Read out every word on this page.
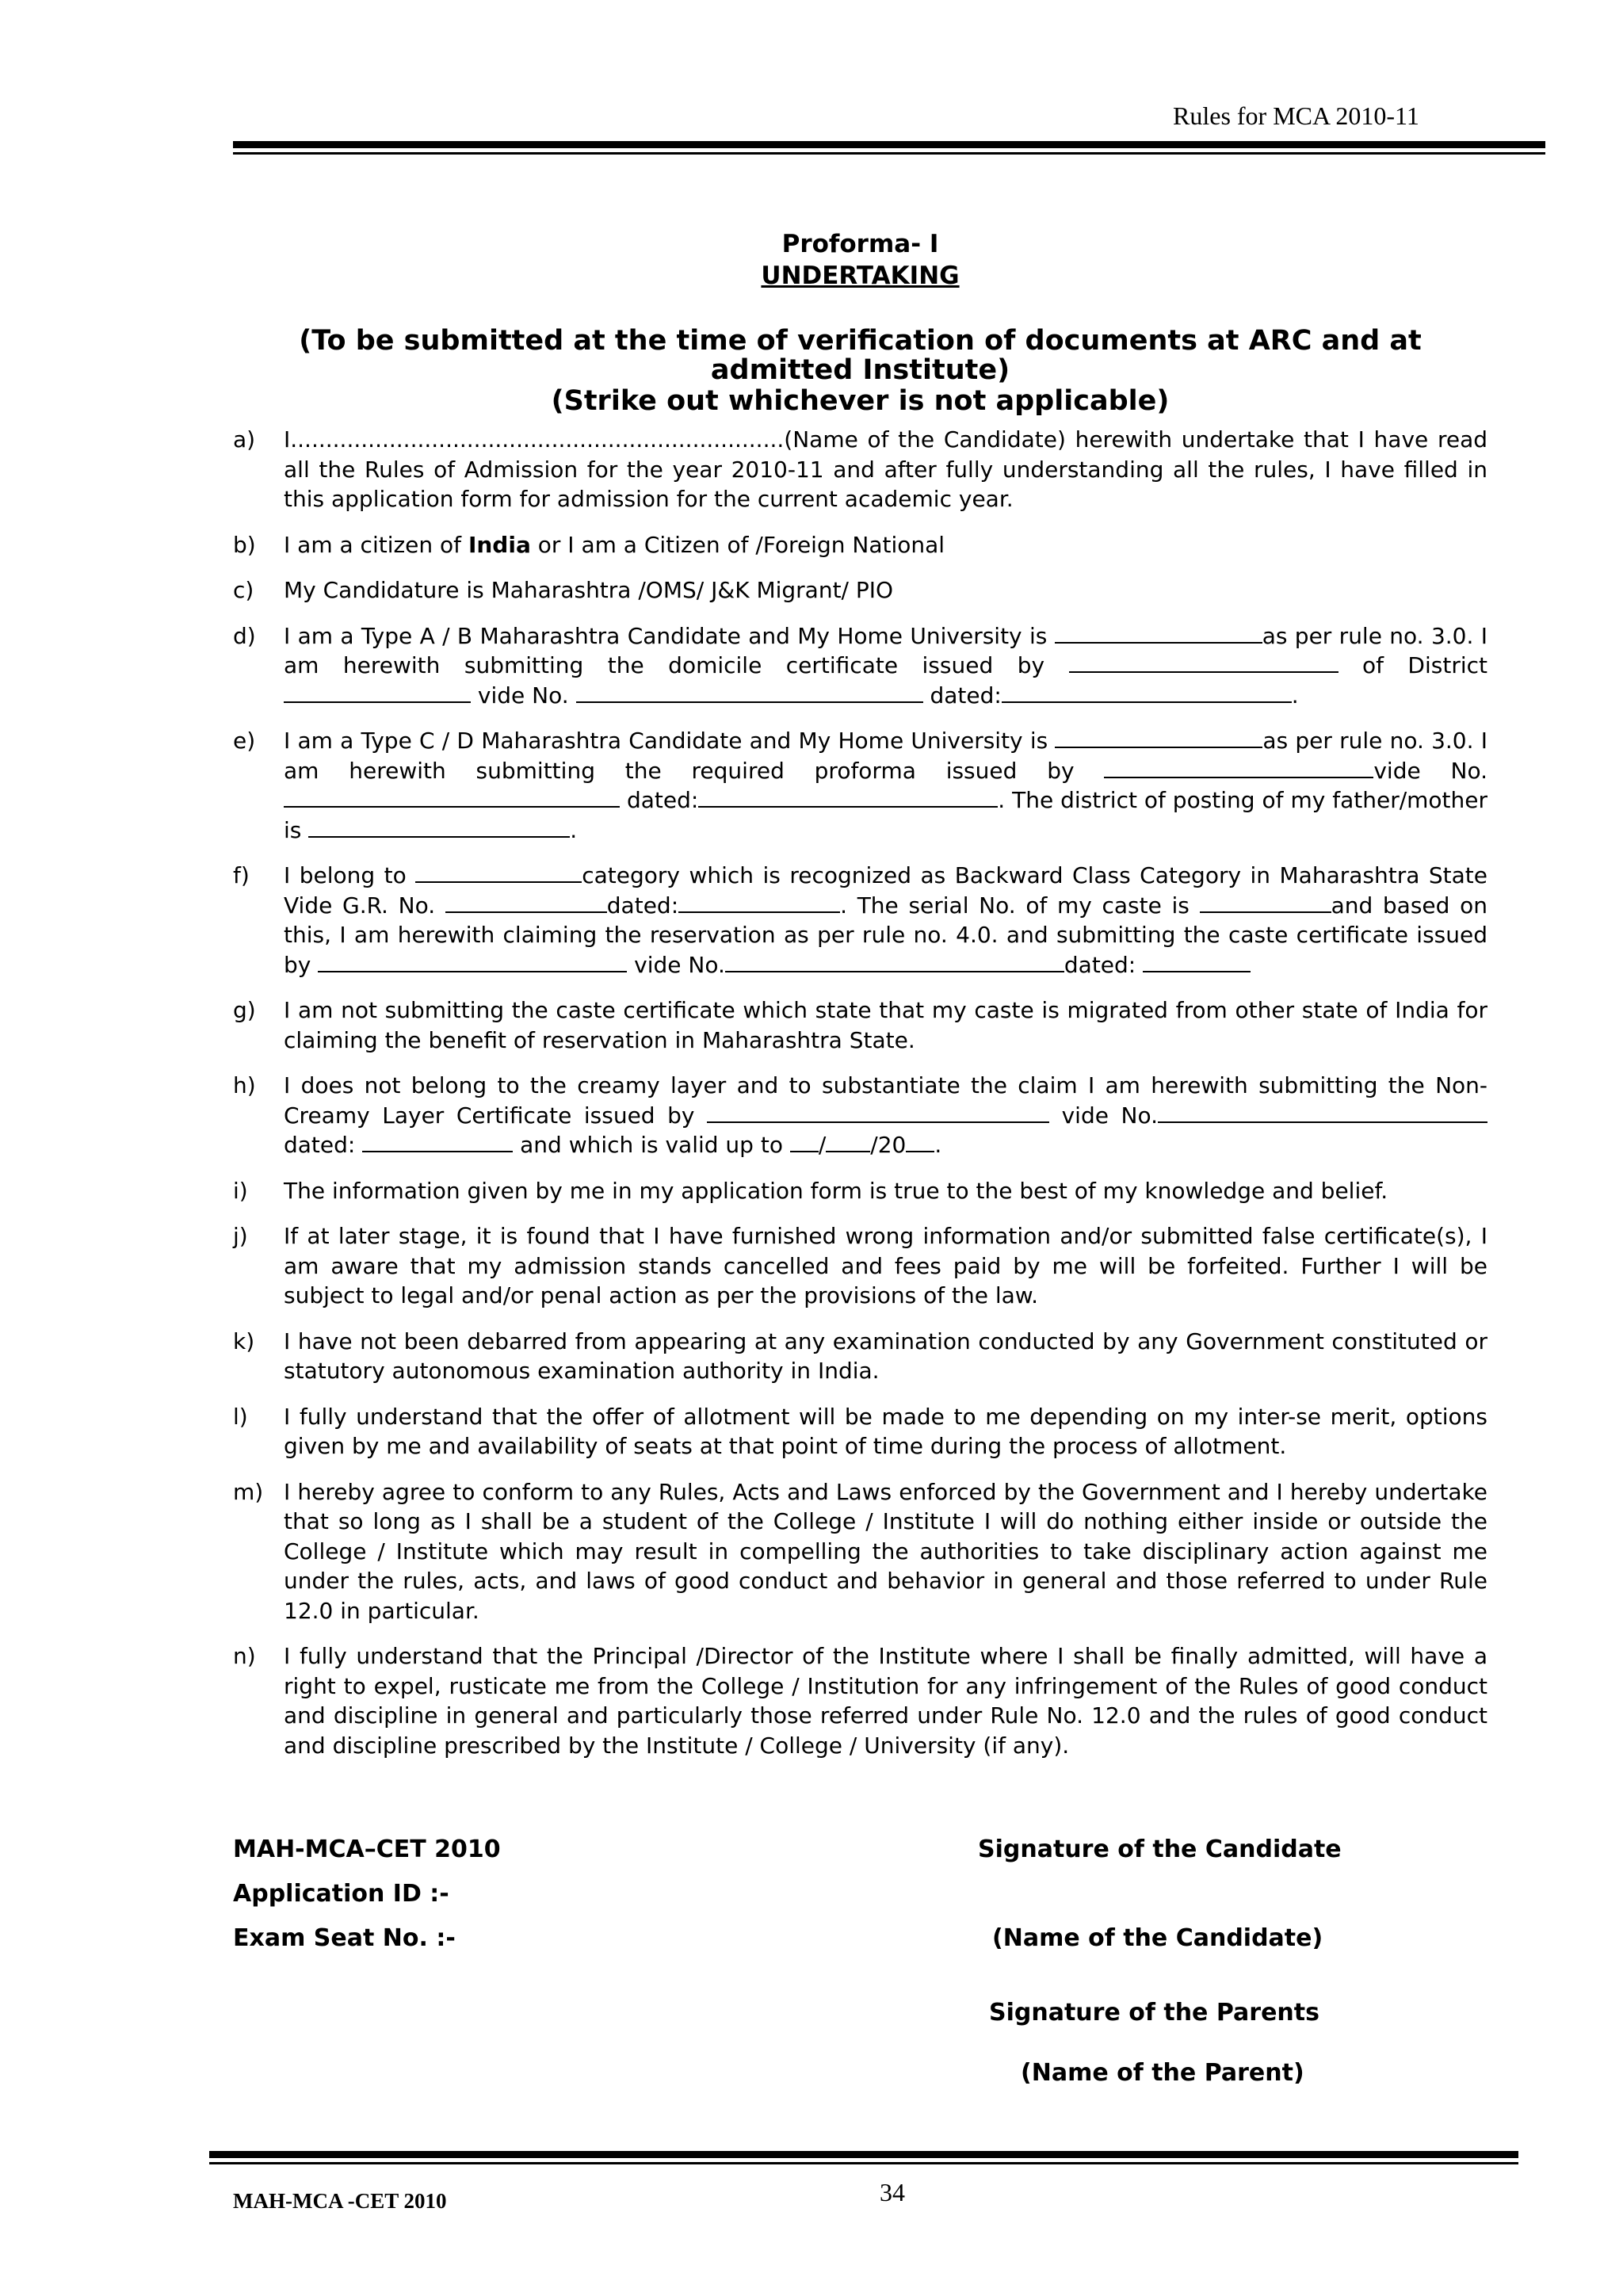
Rules for MCA 2010-11
Proforma- I
UNDERTAKING
(To be submitted at the time of verification of documents at ARC and at admitted Institute)
(Strike out whichever is not applicable)
a)	I......................................................................(Name of the Candidate) herewith undertake that I have read all the Rules of Admission for the year 2010-11 and after fully understanding all the rules, I have filled in this application form for admission for the current academic year.
b)	I am a citizen of India or I am a Citizen of /Foreign National
c)	My Candidature is Maharashtra /OMS/ J&K Migrant/ PIO
d)	I am a Type A / B Maharashtra Candidate and My Home University is	as per rule no. 3.0. I am herewith submitting the domicile certificate issued by	of District  vide No.	dated:	.
e)	I am a Type C / D Maharashtra Candidate and My Home University is	as per rule no. 3.0. I am herewith submitting the required proforma issued by	vide No.  dated:	. The district of posting of my father/mother is	.
f)	I belong to	category which is recognized as Backward Class Category in Maharashtra State Vide G.R. No.	dated:	. The serial No. of my caste is	and based on this, I am herewith claiming the reservation as per rule no. 4.0. and submitting the caste certificate issued by	vide No.	dated:
g)	I am not submitting the caste certificate which state that my caste is migrated from other state of India for claiming the benefit of reservation in Maharashtra State.
h)	I does not belong to the creamy layer and to substantiate the claim I am herewith submitting the Non-Creamy Layer Certificate issued by	vide No.dated:	and which is valid up to / /20 .
i)	The information given by me in my application form is true to the best of my knowledge and belief.
j)	If at later stage, it is found that I have furnished wrong information and/or submitted false certificate(s), I am aware that my admission stands cancelled and fees paid by me will be forfeited. Further I will be subject to legal and/or penal action as per the provisions of the law.
k)	I have not been debarred from appearing at any examination conducted by any Government constituted or statutory autonomous examination authority in India.
l)	I fully understand that the offer of allotment will be made to me depending on my inter-se merit, options given by me and availability of seats at that point of time during the process of allotment.
m) I hereby agree to conform to any Rules, Acts and Laws enforced by the Government and I hereby undertake that so long as I shall be a student of the College / Institute I will do nothing either inside or outside the College / Institute which may result in compelling the authorities to take disciplinary action against me under the rules, acts, and laws of good conduct and behavior in general and those referred to under Rule 12.0 in particular.
n)	I fully understand that the Principal /Director of the Institute where I shall be finally admitted, will have a right to expel, rusticate me from the College / Institution for any infringement of the Rules of good conduct and discipline in general and particularly those referred under Rule No. 12.0 and the rules of good conduct and discipline prescribed by the Institute / College / University (if any).
MAH-MCA–CET 2010
Application ID :-
Exam Seat No. :-
Signature of the Candidate
(Name of the Candidate)
Signature of the Parents
(Name of the Parent)
MAH-MCA -CET 2010	34
